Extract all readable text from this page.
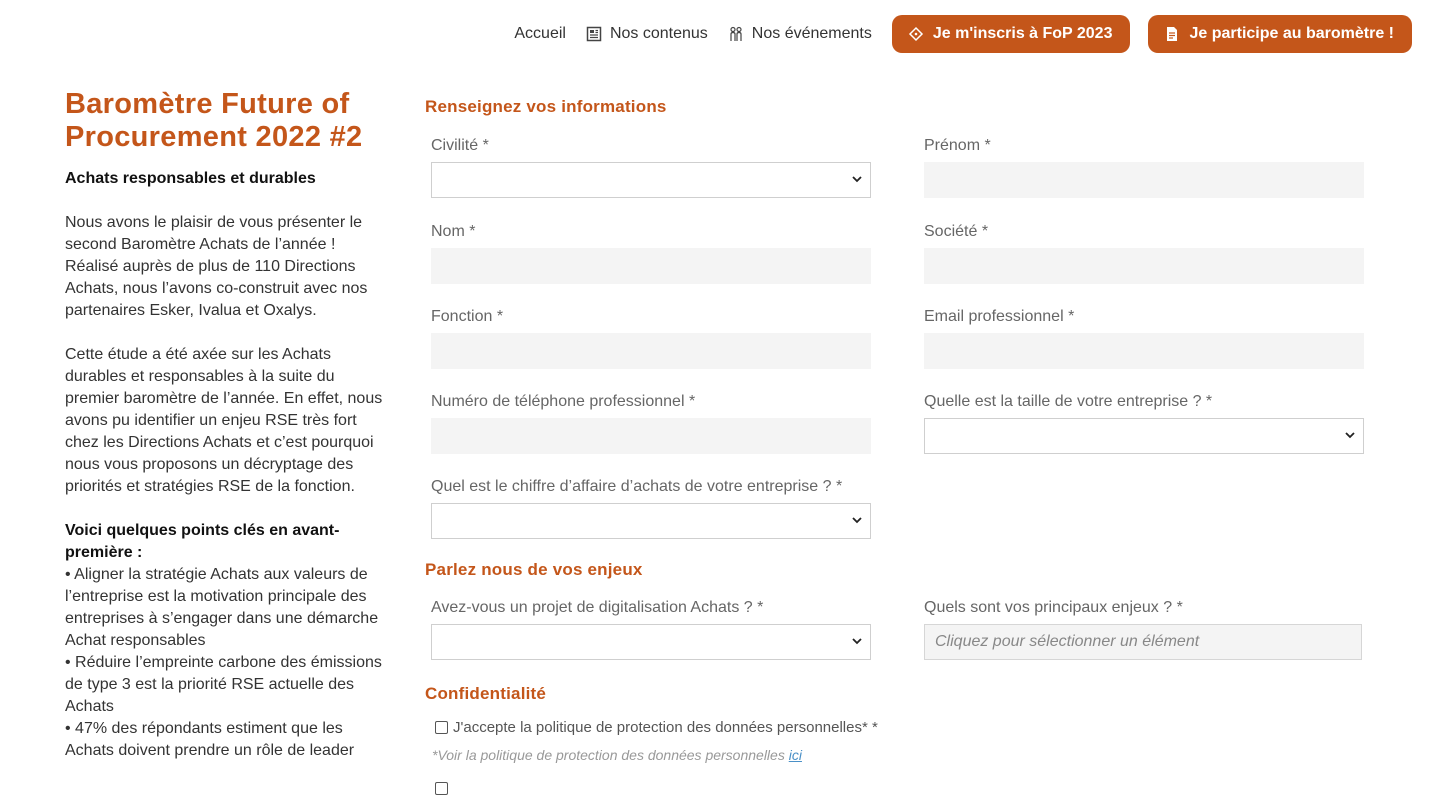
Accueil	Nos contenus	Nos événements	Je m'inscris à FoP 2023	Je participe au baromètre !
Baromètre Future of Procurement 2022 #2
Achats responsables et durables

Nous avons le plaisir de vous présenter le second Baromètre Achats de l’année ! Réalisé auprès de plus de 110 Directions Achats, nous l’avons co-construit avec nos partenaires Esker, Ivalua et Oxalys.

Cette étude a été axée sur les Achats durables et responsables à la suite du premier baromètre de l’année. En effet, nous avons pu identifier un enjeu RSE très fort chez les Directions Achats et c’est pourquoi nous vous proposons un décryptage des priorités et stratégies RSE de la fonction.

Voici quelques points clés en avant-première :
• Aligner la stratégie Achats aux valeurs de l’entreprise est la motivation principale des entreprises à s’engager dans une démarche Achat responsables
• Réduire l’empreinte carbone des émissions de type 3 est la priorité RSE actuelle des Achats
• 47% des répondants estiment que les Achats doivent prendre un rôle de leader
Renseignez vos informations
Civilité *	Prénom *
Nom *	Société *
Fonction *	Email professionnel *
Numéro de téléphone professionnel *	Quelle est la taille de votre entreprise ? *
Quel est le chiffre d’affaire d’achats de votre entreprise ? *
Parlez nous de vos enjeux
Avez-vous un projet de digitalisation Achats ? *	Quels sont vos principaux enjeux ? *
Cliquez pour sélectionner un élément
Confidentialité
J'accepte la politique de protection des données personnelles* *
*Voir la politique de protection des données personnelles ici
